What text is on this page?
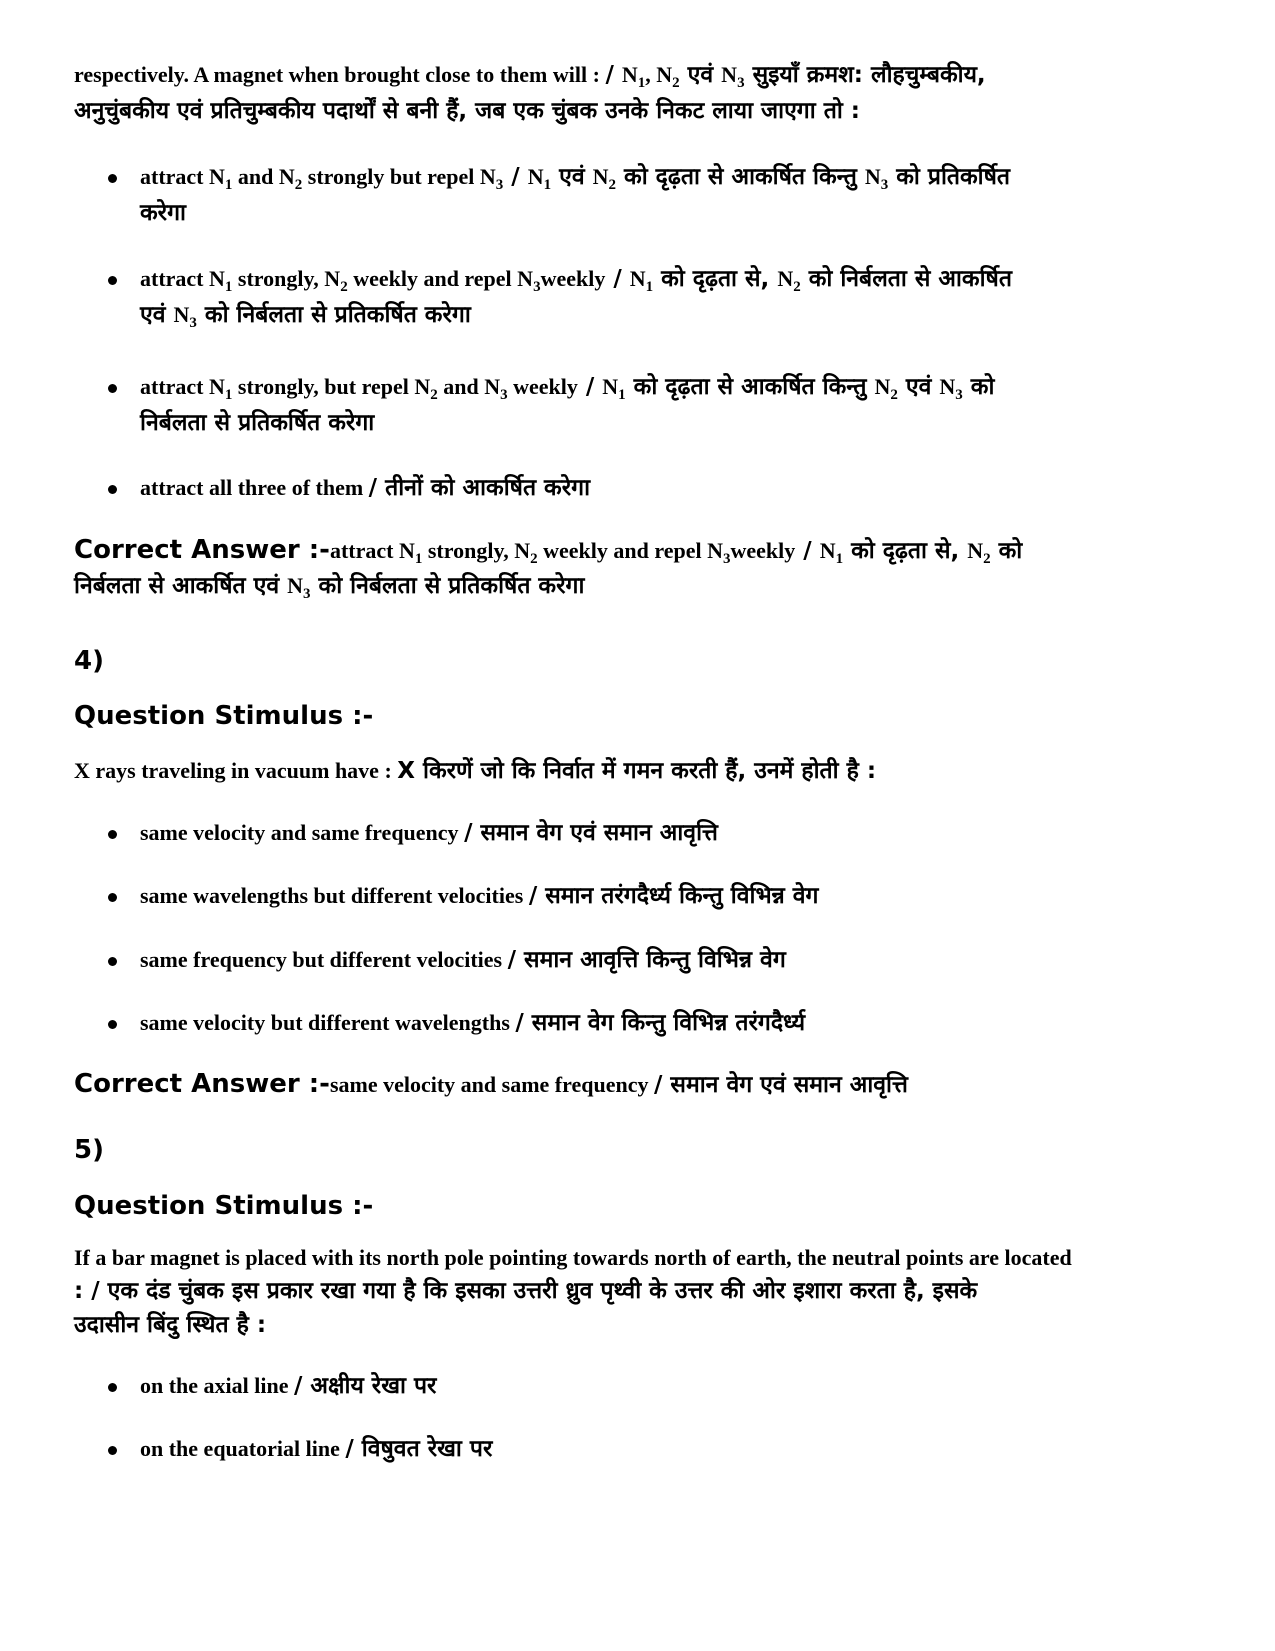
respectively. A magnet when brought close to them will : / $N_1$, $N_2$ एवं $N_3$ सुइयाँ क्रमश: लौहचुम्बकीय,
अनुचुंबकीय एवं प्रतिचुम्बकीय पदार्थों से बनी हैं, जब एक चुंबक उनके निकट लाया जाएगा तो :
attract $N_1$ and $N_2$ strongly but repel $N_3 / N_1$ एवं $N_2$ को दृढ़ता से आकर्षित किन्तु $N_3$ को प्रतिकर्षित
करेगा
attract $N_1$ strongly, $N_2$ weekly and repel $N_3weekly / N_1$ को दृढ़ता से, $N_2$ को निर्बलता से आकर्षित
एवं $N_3$ को निर्बलता से प्रतिकर्षित करेगा
attract $N_1$ strongly, but repel $N_2$ and $N_3$ weekly / $N_1$ को दृढ़ता से आकर्षित किन्तु $N_2$ एवं $N_3$ को
निर्बलता से प्रतिकर्षित करेगा
attract all three of them / तीनों को आकर्षित करेगा
Correct Answer :-attract $N_1$ strongly, $N_2$ weekly and repel $N_3weekly / N_1$ को दृढ़ता से, $N_2$ को
निर्बलता से आकर्षित एवं $N_3$ को निर्बलता से प्रतिकर्षित करेगा
4)
Question Stimulus :-
X rays traveling in vacuum have : X किरणें जो कि निर्वात में गमन करती हैं, उनमें होती है :
same velocity and same frequency / समान वेग एवं समान आवृत्ति
same wavelengths but different velocities / समान तरंगदैर्ध्य किन्तु विभिन्न वेग
same frequency but different velocities / समान आवृत्ति किन्तु विभिन्न वेग
same velocity but different wavelengths / समान वेग किन्तु विभिन्न तरंगदैर्ध्य
Correct Answer :-same velocity and same frequency / समान वेग एवं समान आवृत्ति
5)
Question Stimulus :-
If a bar magnet is placed with its north pole pointing towards north of earth, the neutral points are located
: / एक दंड चुंबक इस प्रकार रखा गया है कि इसका उत्तरी ध्रुव पृथ्वी के उत्तर की ओर इशारा करता है, इसके
उदासीन बिंदु स्थित है :
on the axial line / अक्षीय रेखा पर
on the equatorial line / विषुवत रेखा पर
